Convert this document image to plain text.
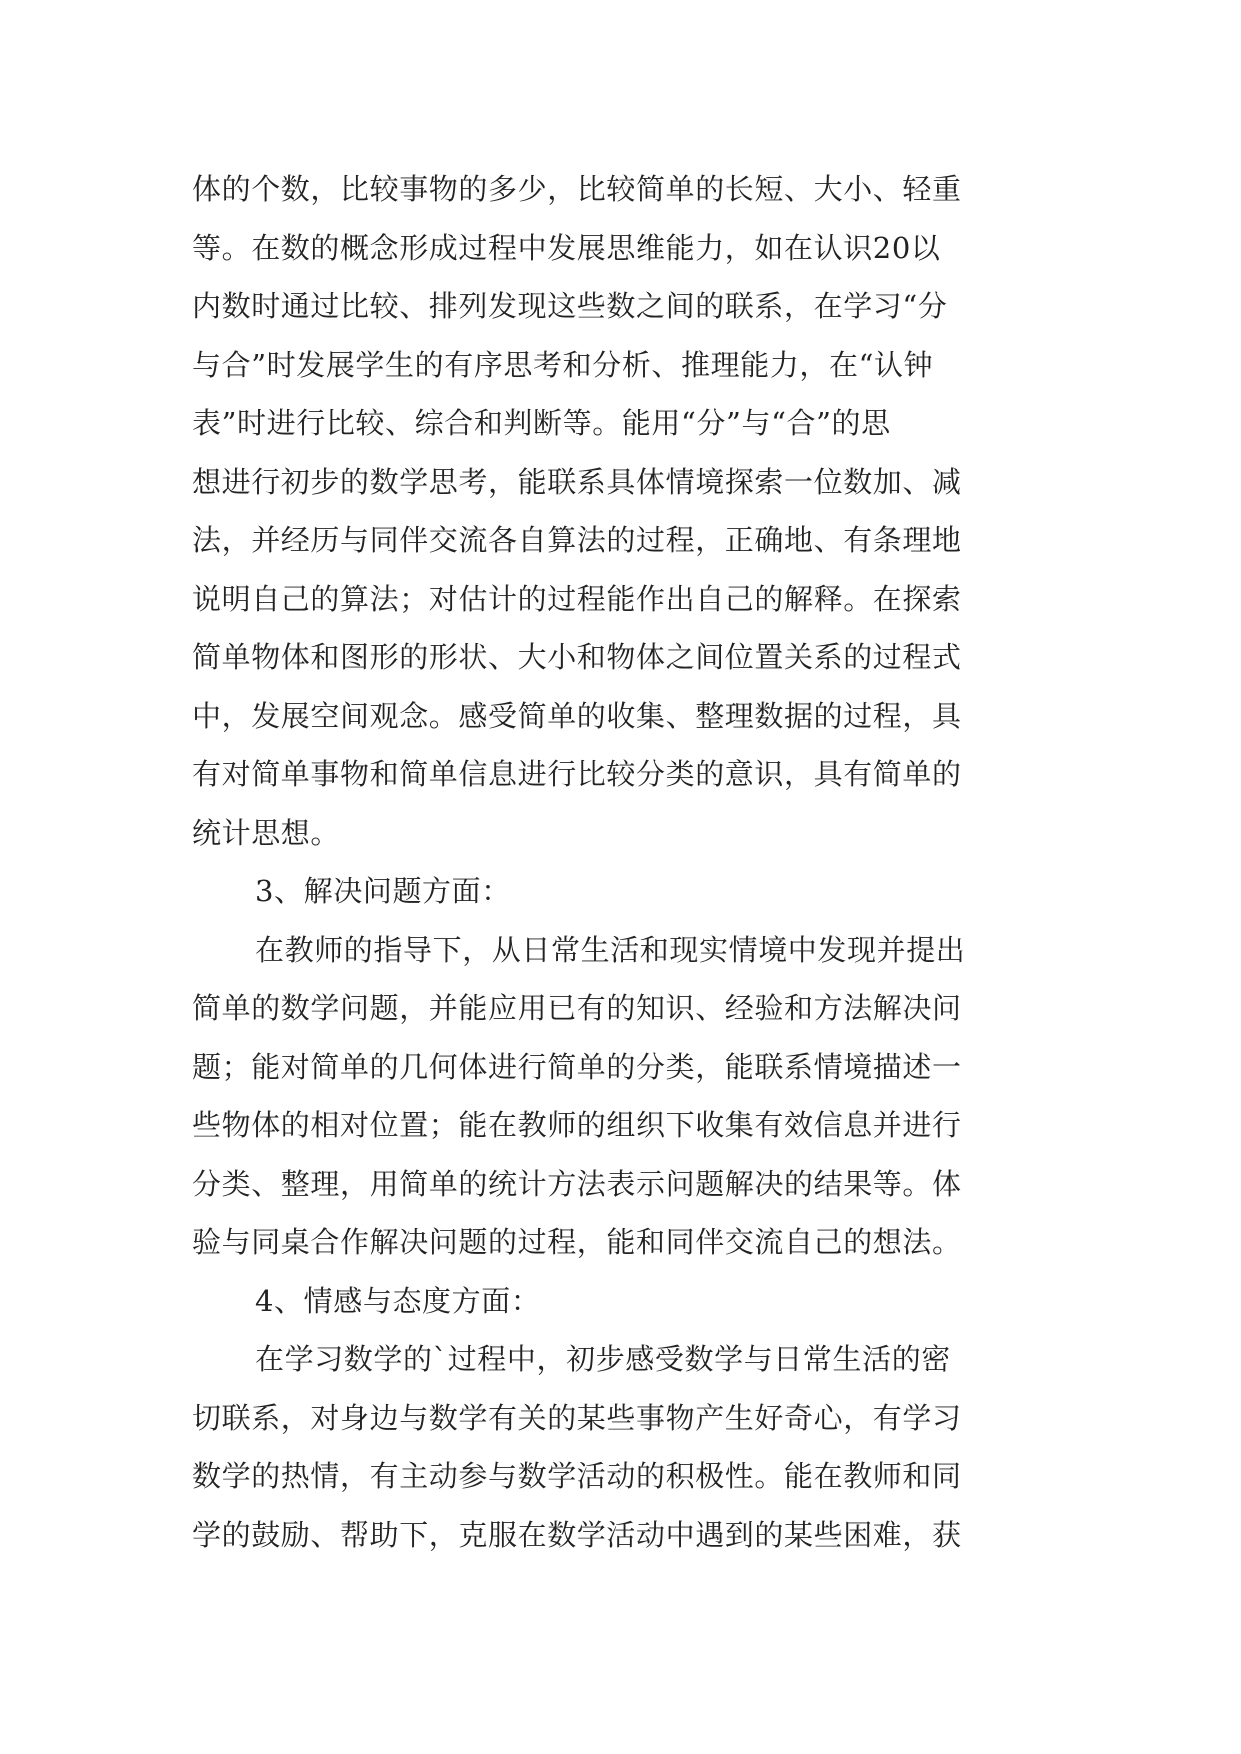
体的个数，比较事物的多少，比较简单的长短、大小、轻重
等。在数的概念形成过程中发展思维能力，如在认识20以
内数时通过比较、排列发现这些数之间的联系，在学习“分
与合”时发展学生的有序思考和分析、推理能力，在“认钟
表”时进行比较、综合和判断等。能用“分”与“合”的思
想进行初步的数学思考，能联系具体情境探索一位数加、减
法，并经历与同伴交流各自算法的过程，正确地、有条理地
说明自己的算法；对估计的过程能作出自己的解释。在探索
简单物体和图形的形状、大小和物体之间位置关系的过程式
中，发展空间观念。感受简单的收集、整理数据的过程，具
有对简单事物和简单信息进行比较分类的意识，具有简单的
统计思想。
3、解决问题方面：
在教师的指导下，从日常生活和现实情境中发现并提出
简单的数学问题，并能应用已有的知识、经验和方法解决问
题；能对简单的几何体进行简单的分类，能联系情境描述一
些物体的相对位置；能在教师的组织下收集有效信息并进行
分类、整理，用简单的统计方法表示问题解决的结果等。体
验与同桌合作解决问题的过程，能和同伴交流自己的想法。
4、情感与态度方面：
在学习数学的`过程中，初步感受数学与日常生活的密
切联系，对身边与数学有关的某些事物产生好奇心，有学习
数学的热情，有主动参与数学活动的积极性。能在教师和同
学的鼓励、帮助下，克服在数学活动中遇到的某些困难，获
